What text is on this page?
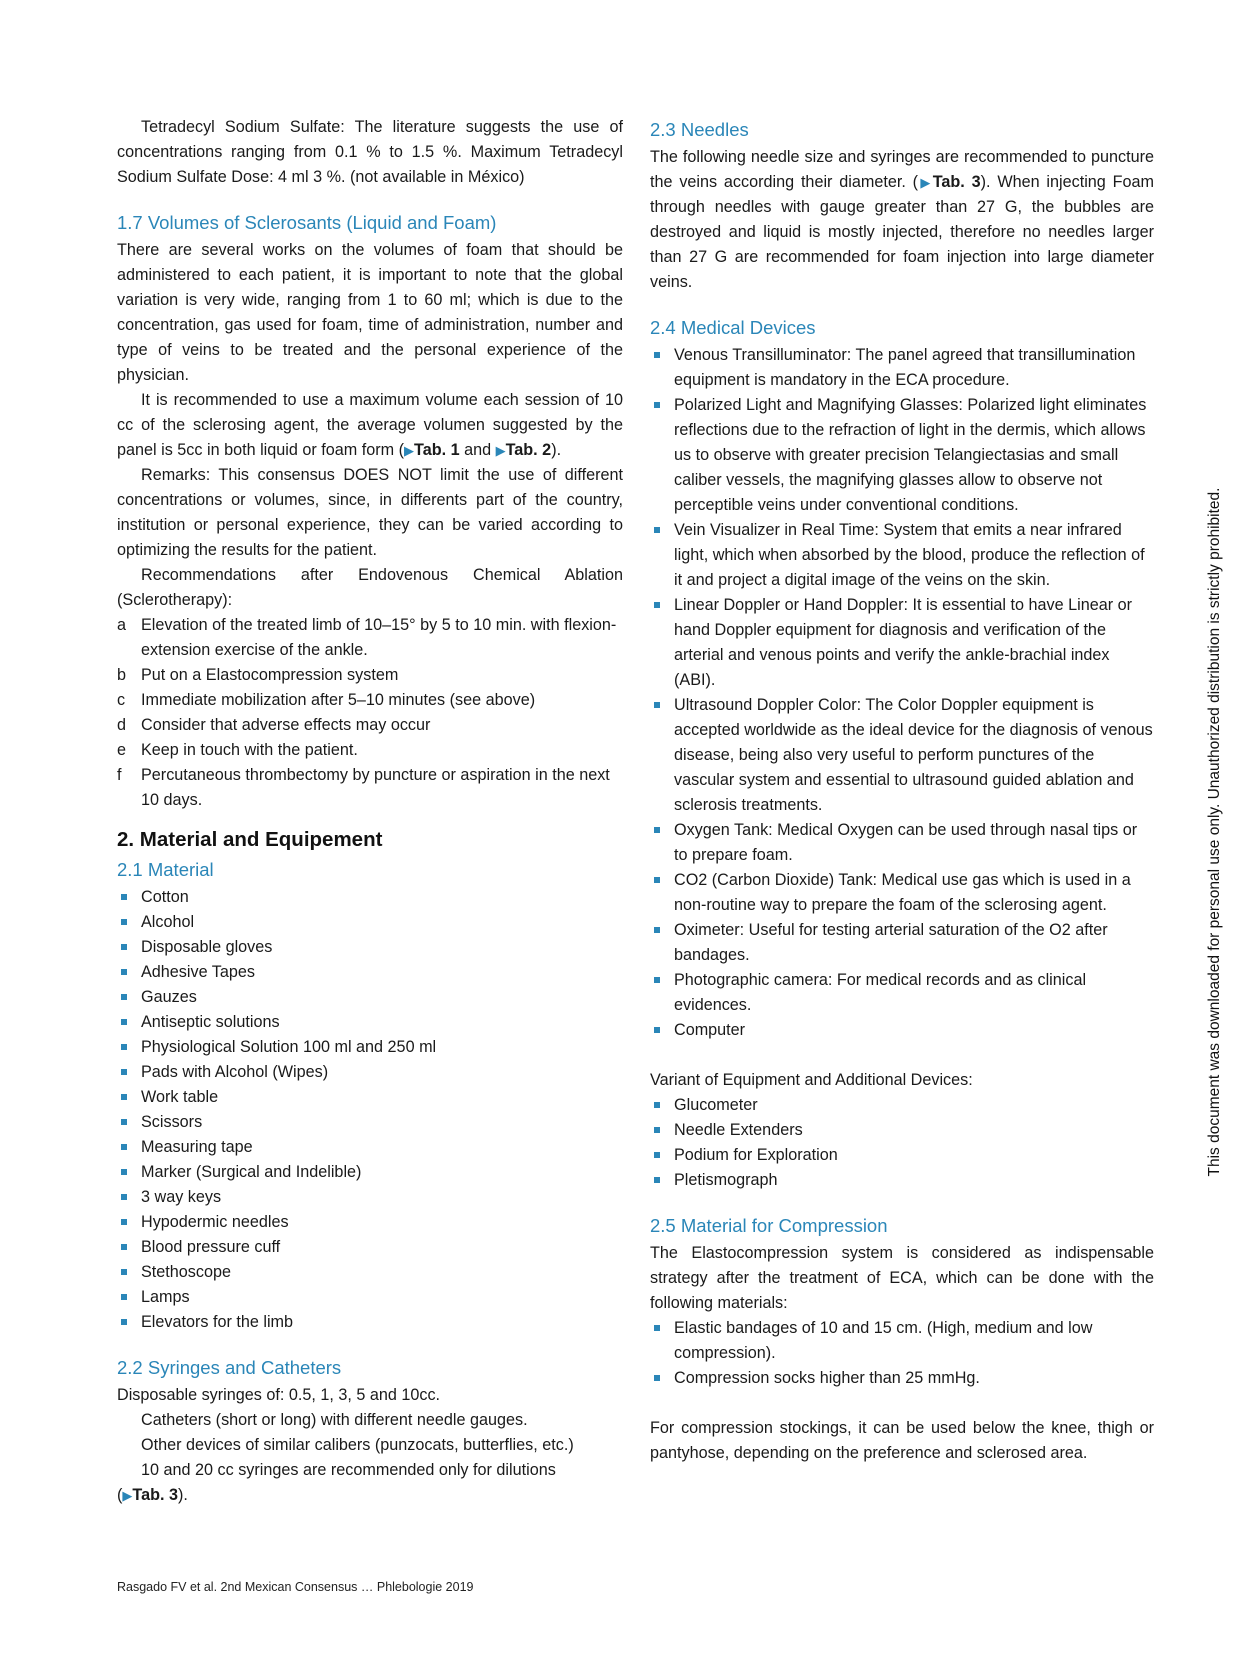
Tetradecyl Sodium Sulfate: The literature suggests the use of concentrations ranging from 0.1 % to 1.5 %. Maximum Tetradecyl Sodium Sulfate Dose: 4 ml 3 %. (not available in México)

1.7 Volumes of Sclerosants (Liquid and Foam)

There are several works on the volumes of foam that should be administered to each patient, it is important to note that the global variation is very wide, ranging from 1 to 60 ml; which is due to the concentration, gas used for foam, time of administration, number and type of veins to be treated and the personal experience of the physician.

It is recommended to use a maximum volume each session of 10 cc of the sclerosing agent, the average volumen suggested by the panel is 5cc in both liquid or foam form (▶Tab. 1 and ▶Tab. 2).

Remarks: This consensus DOES NOT limit the use of different concentrations or volumes, since, in differents part of the country, institution or personal experience, they can be varied according to optimizing the results for the patient.

Recommendations after Endovenous Chemical Ablation (Sclerotherapy):

a Elevation of the treated limb of 10–15° by 5 to 10 min. with flexion-extension exercise of the ankle.
b Put on a Elastocompression system
c Immediate mobilization after 5–10 minutes (see above)
d Consider that adverse effects may occur
e Keep in touch with the patient.
f Percutaneous thrombectomy by puncture or aspiration in the next 10 days.
2. Material and Equipement
2.1 Material
Cotton
Alcohol
Disposable gloves
Adhesive Tapes
Gauzes
Antiseptic solutions
Physiological Solution 100 ml and 250 ml
Pads with Alcohol (Wipes)
Work table
Scissors
Measuring tape
Marker (Surgical and Indelible)
3 way keys
Hypodermic needles
Blood pressure cuff
Stethoscope
Lamps
Elevators for the limb
2.2 Syringes and Catheters

Disposable syringes of: 0.5, 1, 3, 5 and 10cc.

Catheters (short or long) with different needle gauges.

Other devices of similar calibers (punzocats, butterflies, etc.)

10 and 20 cc syringes are recommended only for dilutions

(▶Tab. 3).

2.3 Needles

The following needle size and syringes are recommended to puncture the veins according their diameter. (▶Tab. 3). When injecting Foam through needles with gauge greater than 27 G, the bubbles are destroyed and liquid is mostly injected, therefore no needles larger than 27 G are recommended for foam injection into large diameter veins.

2.4 Medical Devices
Venous Transilluminator: The panel agreed that transillumination equipment is mandatory in the ECA procedure.
Polarized Light and Magnifying Glasses: Polarized light eliminates reflections due to the refraction of light in the dermis, which allows us to observe with greater precision Telangiectasias and small caliber vessels, the magnifying glasses allow to observe not perceptible veins under conventional conditions.
Vein Visualizer in Real Time: System that emits a near infrared light, which when absorbed by the blood, produce the reflection of it and project a digital image of the veins on the skin.
Linear Doppler or Hand Doppler: It is essential to have Linear or hand Doppler equipment for diagnosis and verification of the arterial and venous points and verify the ankle-brachial index (ABI).
Ultrasound Doppler Color: The Color Doppler equipment is accepted worldwide as the ideal device for the diagnosis of venous disease, being also very useful to perform punctures of the vascular system and essential to ultrasound guided ablation and sclerosis treatments.
Oxygen Tank: Medical Oxygen can be used through nasal tips or to prepare foam.
CO2 (Carbon Dioxide) Tank: Medical use gas which is used in a non-routine way to prepare the foam of the sclerosing agent.
Oximeter: Useful for testing arterial saturation of the O2 after bandages.
Photographic camera: For medical records and as clinical evidences.
Computer

Variant of Equipment and Additional Devices:

Glucometer
Needle Extenders
Podium for Exploration
Pletismograph
2.5 Material for Compression

The Elastocompression system is considered as indispensable strategy after the treatment of ECA, which can be done with the following materials:

Elastic bandages of 10 and 15 cm. (High, medium and low compression).
Compression socks higher than 25 mmHg.

For compression stockings, it can be used below the knee, thigh or pantyhose, depending on the preference and sclerosed area.

Rasgado FV et al. 2nd Mexican Consensus … Phlebologie 2019
This document was downloaded for personal use only. Unauthorized distribution is strictly prohibited.
